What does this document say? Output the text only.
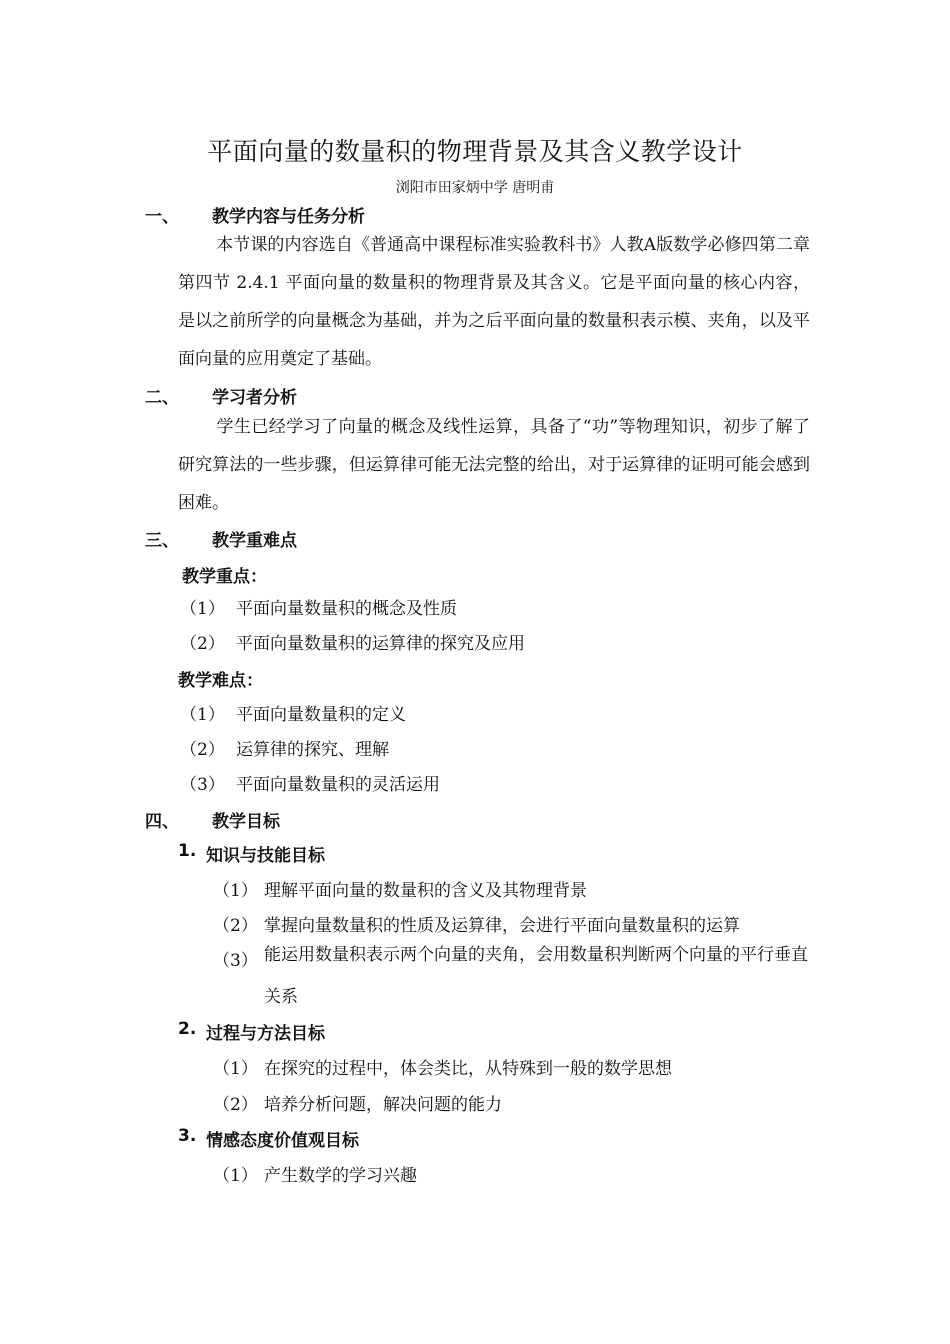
平面向量的数量积的物理背景及其含义教学设计
浏阳市田家炳中学 唐明甫
一、 教学内容与任务分析
本节课的内容选自《普通高中课程标准实验教科书》人教A版数学必修四第二章第四节 2.4.1 平面向量的数量积的物理背景及其含义。它是平面向量的核心内容，是以之前所学的向量概念为基础，并为之后平面向量的数量积表示模、夹角，以及平面向量的应用奠定了基础。
二、 学习者分析
学生已经学习了向量的概念及线性运算，具备了“功”等物理知识，初步了解了研究算法的一些步骤，但运算律可能无法完整的给出，对于运算律的证明可能会感到困难。
三、 教学重难点
教学重点：
（1） 平面向量数量积的概念及性质
（2） 平面向量数量积的运算律的探究及应用
教学难点：
（1） 平面向量数量积的定义
（2） 运算律的探究、理解
（3） 平面向量数量积的灵活运用
四、 教学目标
1. 知识与技能目标
（1） 理解平面向量的数量积的含义及其物理背景
（2） 掌握向量数量积的性质及运算律，会进行平面向量数量积的运算
（3） 能运用数量积表示两个向量的夹角，会用数量积判断两个向量的平行垂直关系
2. 过程与方法目标
（1） 在探究的过程中，体会类比，从特殊到一般的数学思想
（2） 培养分析问题，解决问题的能力
3. 情感态度价值观目标
（1） 产生数学的学习兴趣
